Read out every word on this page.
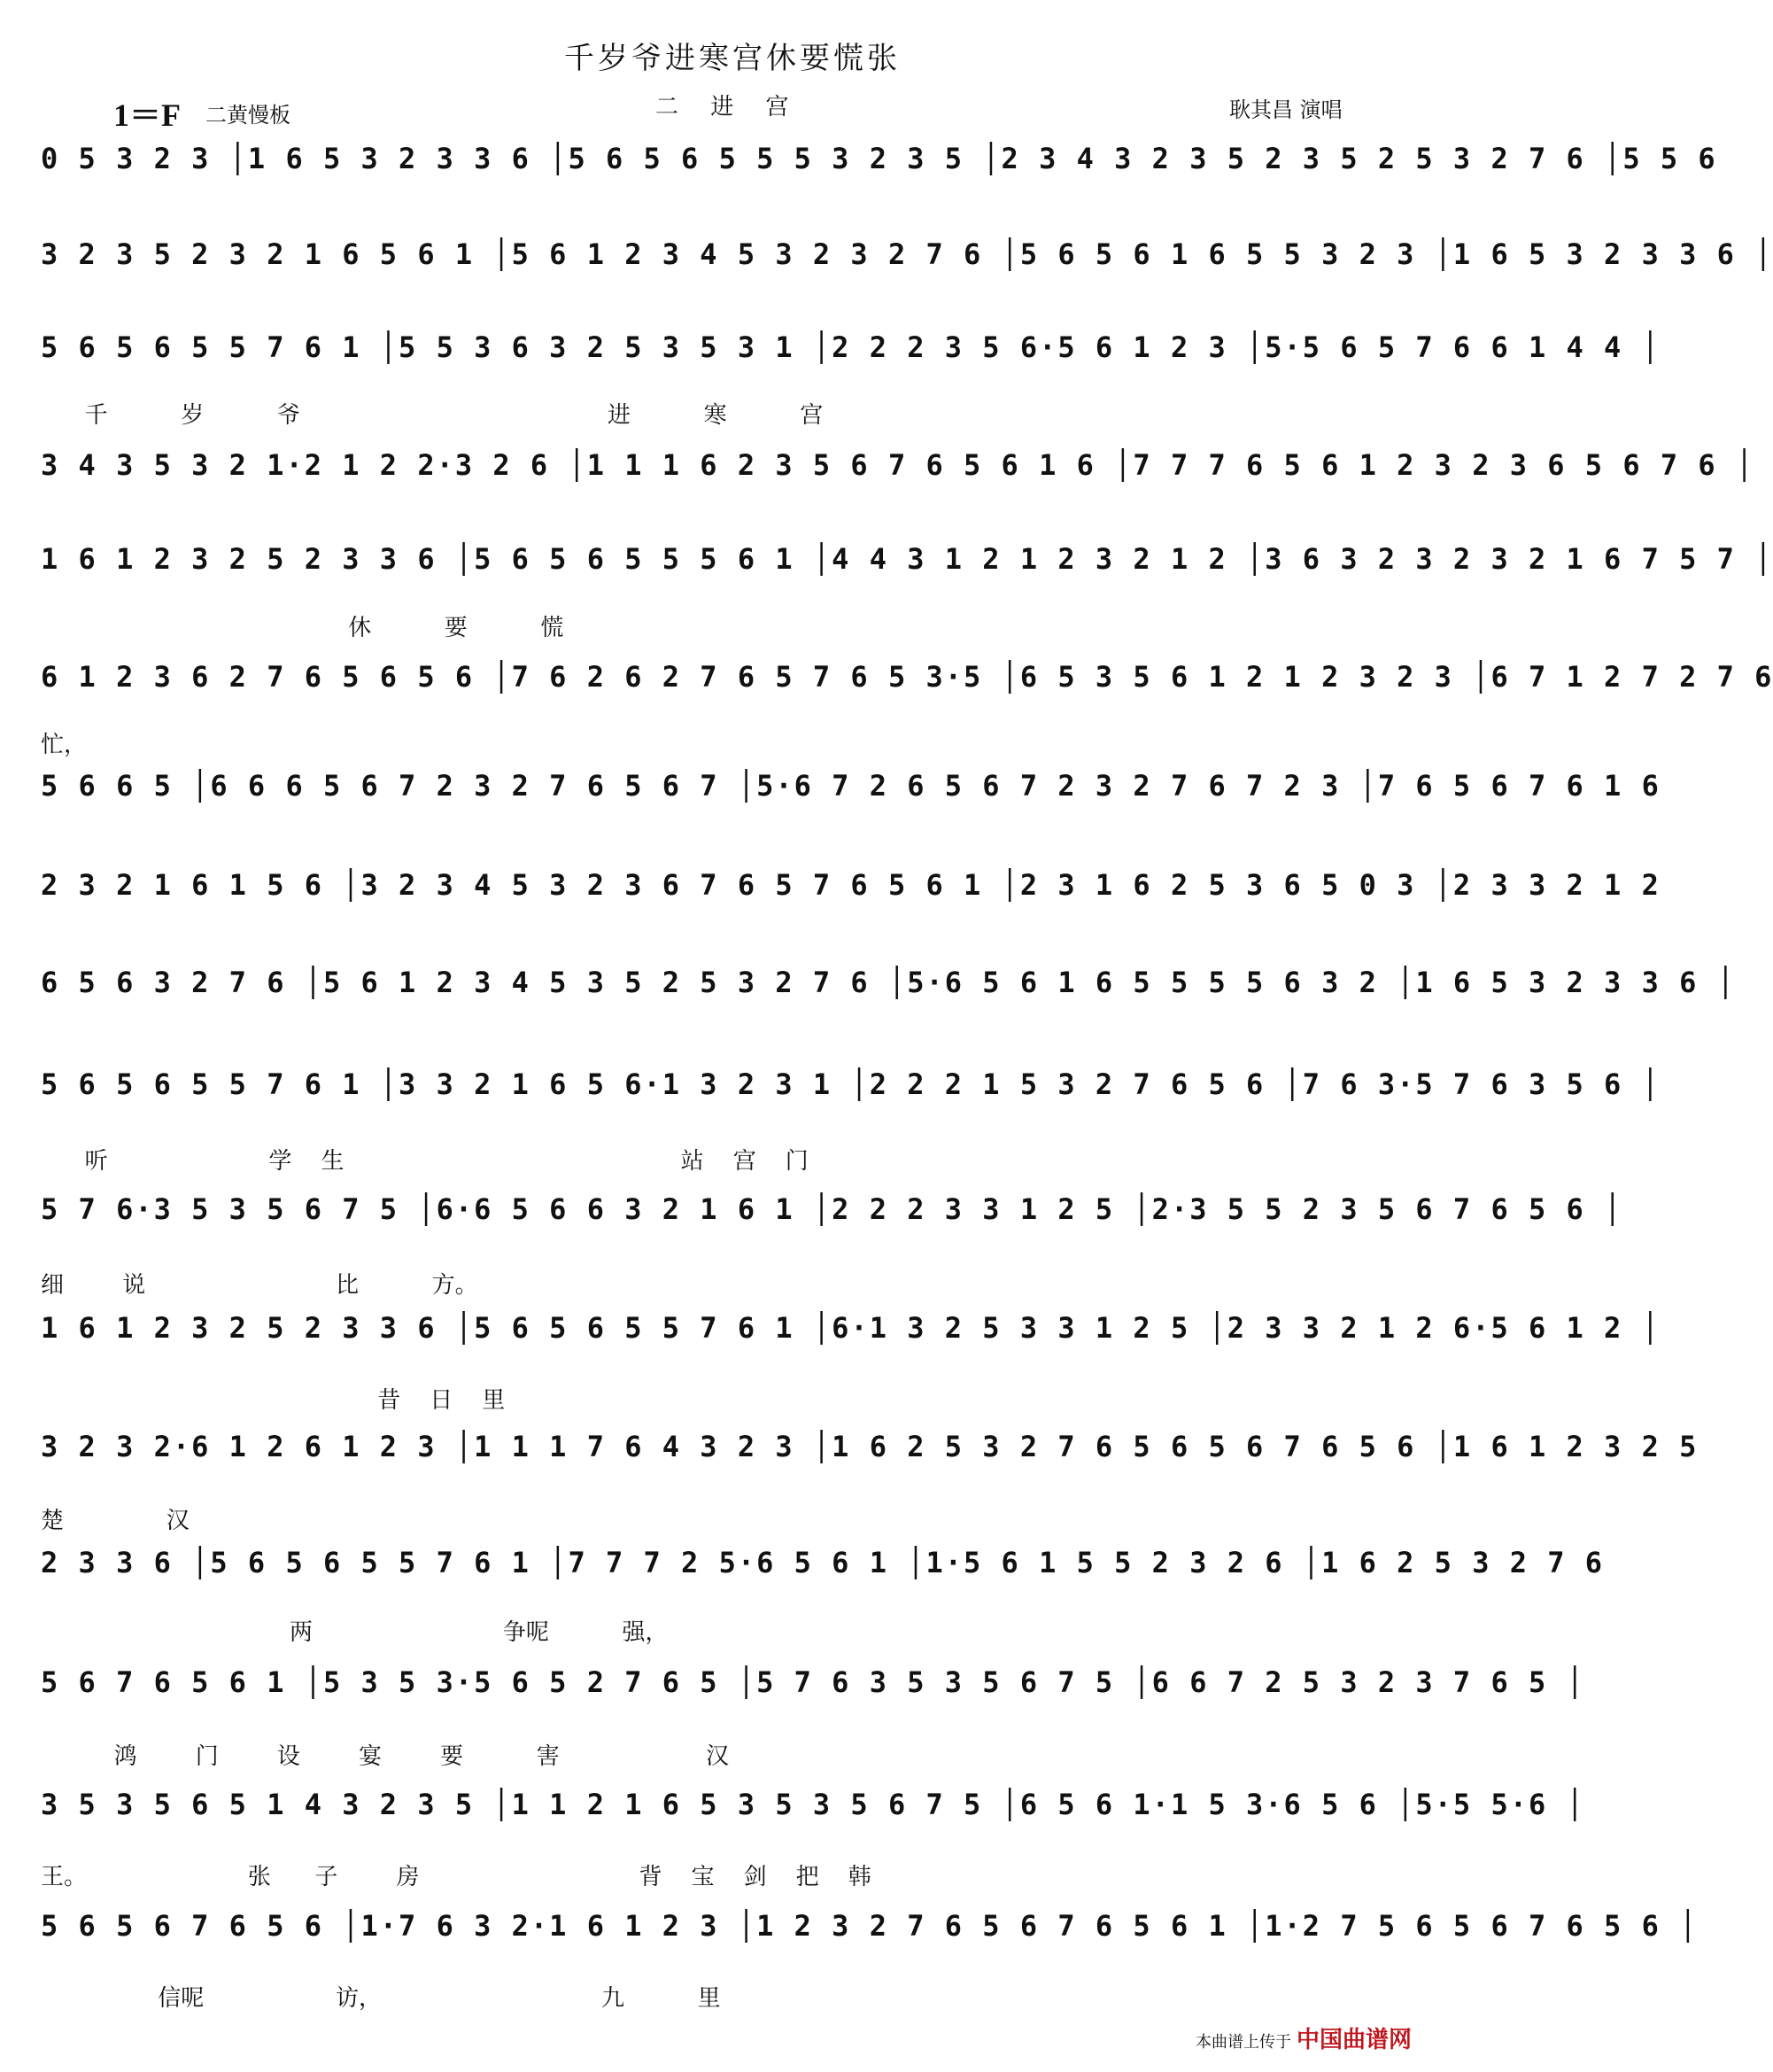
千岁爷进寒宫休要慌张
1＝F 二黄慢板	二 进 宫	耿其昌 演唱
0 5 3 2 3 │1 6 5 3 2 3 3 6 │5 6 5 6 5 5 5 3 2 3 5 │2 3 4 3 2 3 5 2 3 5 2 5 3 2 7 6 │5 5 6
3 2 3 5 2 3 2 1 6 5 6 1 │5 6 1 2 3 4 5 3 2 3 2 7 6 │5 6 5 6 1 6 5 5 3 2 3 │1 6 5 3 2 3 3 6 │
5 6 5 6 5 5 7 6 1 │5 5 3 6 3 2 5 3 5 3 1 │2 2 2 3 5 6·5 6 1 2 3 │5·5 6 5 7 6 6 1 4 4 │
千          岁          爷                                          进          寒          宫
3 4 3 5 3 2 1·2 1 2 2·3 2 6 │1 1 1 6 2 3 5 6 7 6 5 6 1 6 │7 7 7 6 5 6 1 2 3 2 3 6 5 6 7 6 │
1 6 1 2 3 2 5 2 3 3 6 │5 6 5 6 5 5 5 6 1 │4 4 3 1 2 1 2 3 2 1 2 │3 6 3 2 3 2 3 2 1 6 7 5 7 │
休          要          慌
6 1 2 3 6 2 7 6 5 6 5 6 │7 6 2 6 2 7 6 5 7 6 5 3·5 │6 5 3 5 6 1 2 1 2 3 2 3 │6 7 1 2 7 2 7 6
忙，
5 6 6 5 │6 6 6 5 6 7 2 3 2 7 6 5 6 7 │5·6 7 2 6 5 6 7 2 3 2 7 6 7 2 3 │7 6 5 6 7 6 1 6
2 3 2 1 6 1 5 6 │3 2 3 4 5 3 2 3 6 7 6 5 7 6 5 6 1 │2 3 1 6 2 5 3 6 5 0 3 │2 3 3 2 1 2
6 5 6 3 2 7 6 │5 6 1 2 3 4 5 3 5 2 5 3 2 7 6 │5·6 5 6 1 6 5 5 5 5 6 3 2 │1 6 5 3 2 3 3 6 │
5 6 5 6 5 5 7 6 1 │3 3 2 1 6 5 6·1 3 2 3 1 │2 2 2 1 5 3 2 7 6 5 6 │7 6 3·5 7 6 3 5 6 │
听                      学    生                                              站    宫    门
5 7 6·3 5 3 5 6 7 5 │6·6 5 6 6 3 2 1 6 1 │2 2 2 3 3 1 2 5 │2·3 5 5 2 3 5 6 7 6 5 6 │
细        说                          比          方。
1 6 1 2 3 2 5 2 3 3 6 │5 6 5 6 5 5 7 6 1 │6·1 3 2 5 3 3 1 2 5 │2 3 3 2 1 2 6·5 6 1 2 │
昔    日    里
3 2 3 2·6 1 2 6 1 2 3 │1 1 1 7 6 4 3 2 3 │1 6 2 5 3 2 7 6 5 6 5 6 7 6 5 6 │1 6 1 2 3 2 5
楚              汉
2 3 3 6 │5 6 5 6 5 5 7 6 1 │7 7 7 2 5·6 5 6 1 │1·5 6 1 5 5 2 3 2 6 │1 6 2 5 3 2 7 6
两                          争呢          强，
5 6 7 6 5 6 1 │5 3 5 3·5 6 5 2 7 6 5 │5 7 6 3 5 3 5 6 7 5 │6 6 7 2 5 3 2 3 7 6 5 │
鸿        门        设        宴        要          害                    汉
3 5 3 5 6 5 1 4 3 2 3 5 │1 1 2 1 6 5 3 5 3 5 6 7 5 │6 5 6 1·1 5 3·6 5 6 │5·5 5·6 │
王。                      张      子        房                              背    宝    剑    把    韩
5 6 5 6 7 6 5 6 │1·7 6 3 2·1 6 1 2 3 │1 2 3 2 7 6 5 6 7 6 5 6 1 │1·2 7 5 6 5 6 7 6 5 6 │
信呢                  访，                              九          里
本曲谱上传于 中国曲谱网
